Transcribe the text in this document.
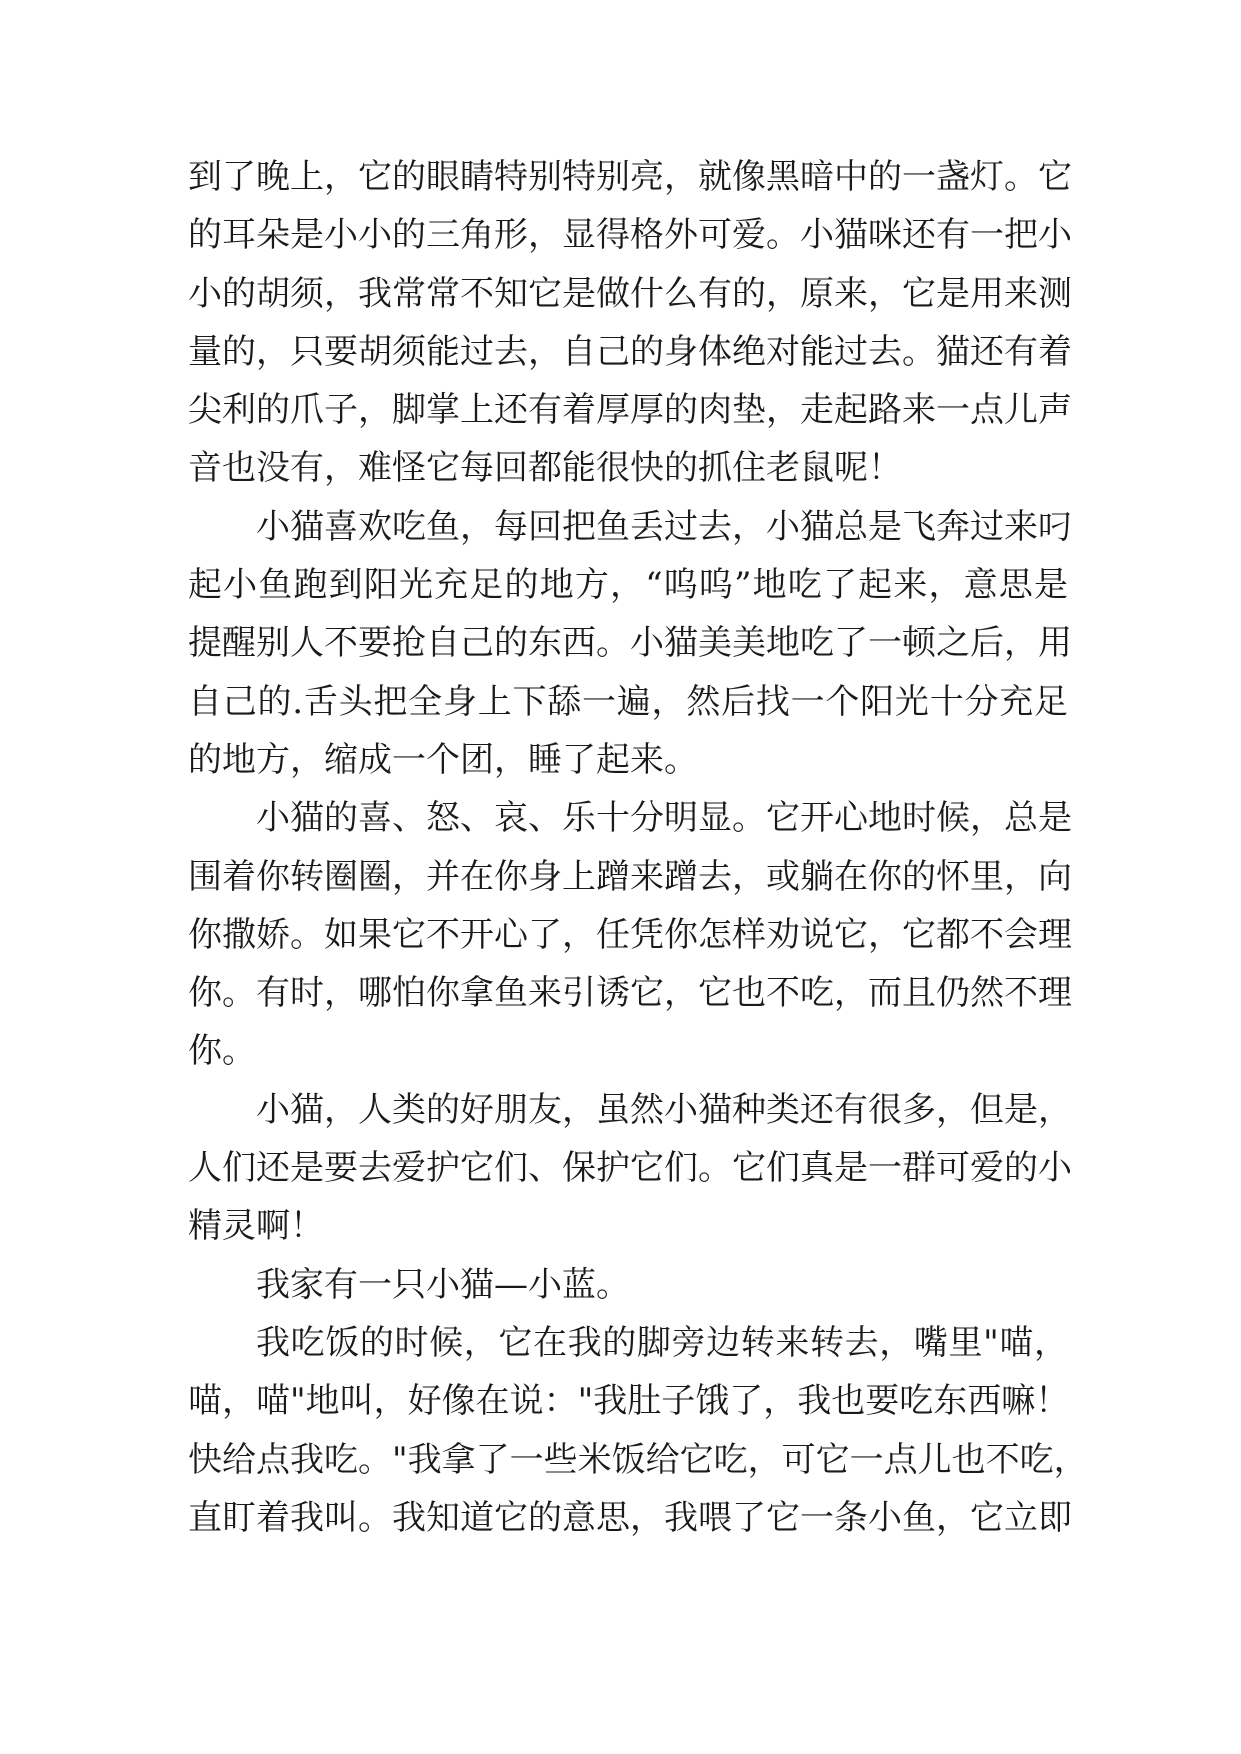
到了晚上，它的眼睛特别特别亮，就像黑暗中的一盏灯。它
的耳朵是小小的三角形，显得格外可爱。小猫咪还有一把小
小的胡须，我常常不知它是做什么有的，原来，它是用来测
量的，只要胡须能过去，自己的身体绝对能过去。猫还有着
尖利的爪子，脚掌上还有着厚厚的肉垫，走起路来一点儿声
音也没有，难怪它每回都能很快的抓住老鼠呢！
小猫喜欢吃鱼，每回把鱼丢过去，小猫总是飞奔过来叼
起小鱼跑到阳光充足的地方，“呜呜”地吃了起来，意思是
提醒别人不要抢自己的东西。小猫美美地吃了一顿之后，用
自己的.舌头把全身上下舔一遍，然后找一个阳光十分充足
的地方，缩成一个团，睡了起来。
小猫的喜、怒、哀、乐十分明显。它开心地时候，总是
围着你转圈圈，并在你身上蹭来蹭去，或躺在你的怀里，向
你撒娇。如果它不开心了，任凭你怎样劝说它，它都不会理
你。有时，哪怕你拿鱼来引诱它，它也不吃，而且仍然不理
你。
小猫，人类的好朋友，虽然小猫种类还有很多，但是，
人们还是要去爱护它们、保护它们。它们真是一群可爱的小
精灵啊！
我家有一只小猫—小蓝。
我吃饭的时候，它在我的脚旁边转来转去，嘴里"喵，
喵，喵"地叫，好像在说："我肚子饿了，我也要吃东西嘛！
快给点我吃。"我拿了一些米饭给它吃，可它一点儿也不吃，
直盯着我叫。我知道它的意思，我喂了它一条小鱼，它立即
